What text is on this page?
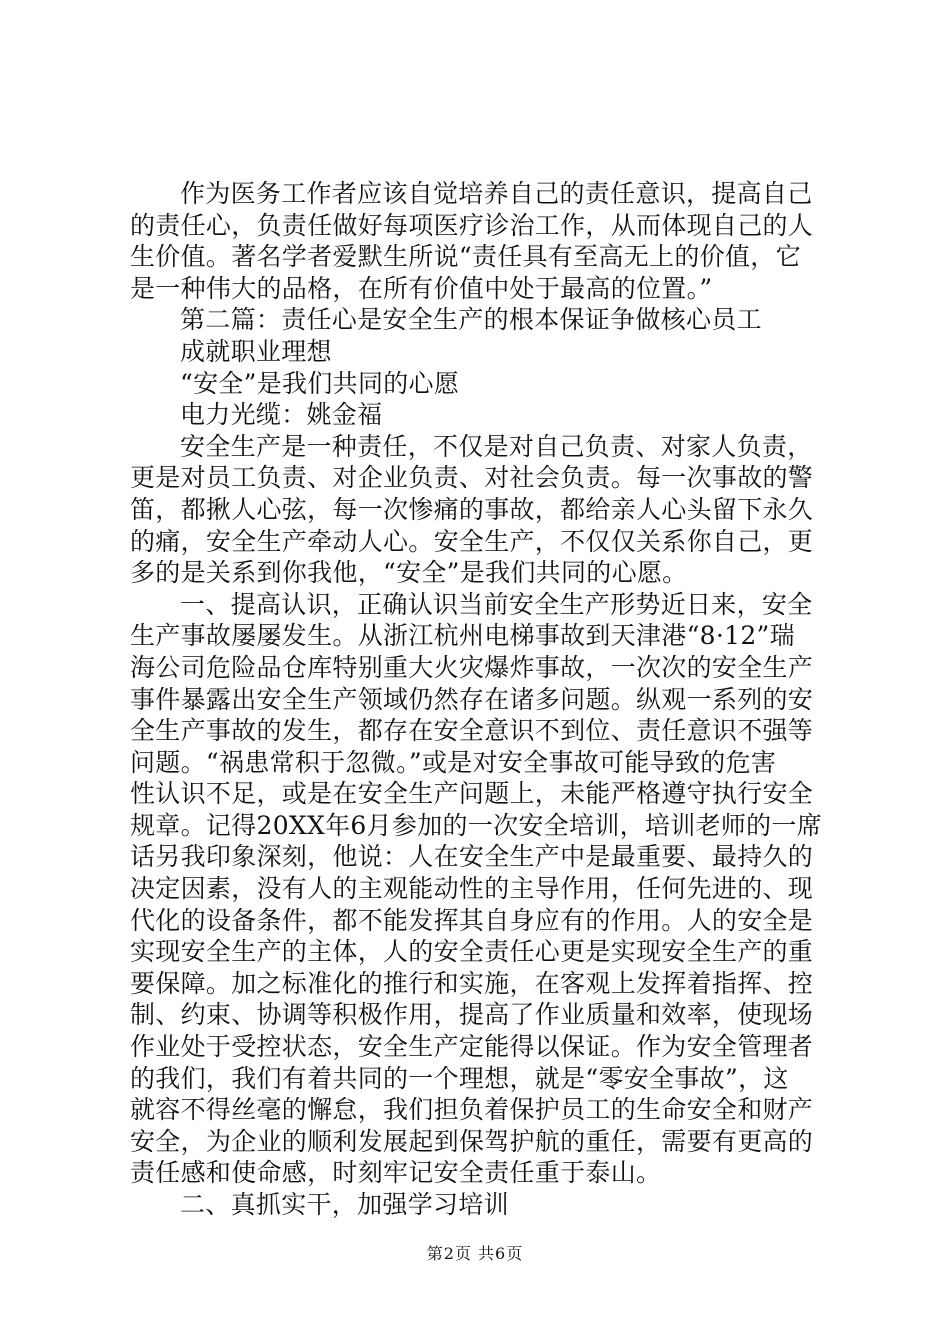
作为医务工作者应该自觉培养自己的责任意识，提高自己
的责任心，负责任做好每项医疗诊治工作，从而体现自己的人
生价值。著名学者爱默生所说“责任具有至高无上的价值，它
是一种伟大的品格，在所有价值中处于最高的位置。”
第二篇：责任心是安全生产的根本保证争做核心员工
成就职业理想
“安全”是我们共同的心愿
电力光缆：姚金福
安全生产是一种责任，不仅是对自己负责、对家人负责，
更是对员工负责、对企业负责、对社会负责。每一次事故的警
笛，都揪人心弦，每一次惨痛的事故，都给亲人心头留下永久
的痛，安全生产牵动人心。安全生产，不仅仅关系你自己，更
多的是关系到你我他，“安全”是我们共同的心愿。
一、提高认识，正确认识当前安全生产形势近日来，安全
生产事故屡屡发生。从浙江杭州电梯事故到天津港“8·12”瑞
海公司危险品仓库特别重大火灾爆炸事故，一次次的安全生产
事件暴露出安全生产领域仍然存在诸多问题。纵观一系列的安
全生产事故的发生，都存在安全意识不到位、责任意识不强等
问题。“祸患常积于忽微。”或是对安全事故可能导致的危害
性认识不足，或是在安全生产问题上，未能严格遵守执行安全
规章。记得20XX年6月参加的一次安全培训，培训老师的一席
话另我印象深刻，他说：人在安全生产中是最重要、最持久的
决定因素，没有人的主观能动性的主导作用，任何先进的、现
代化的设备条件，都不能发挥其自身应有的作用。人的安全是
实现安全生产的主体，人的安全责任心更是实现安全生产的重
要保障。加之标准化的推行和实施，在客观上发挥着指挥、控
制、约束、协调等积极作用，提高了作业质量和效率，使现场
作业处于受控状态，安全生产定能得以保证。作为安全管理者
的我们，我们有着共同的一个理想，就是“零安全事故”，这
就容不得丝毫的懈怠，我们担负着保护员工的生命安全和财产
安全，为企业的顺利发展起到保驾护航的重任，需要有更高的
责任感和使命感，时刻牢记安全责任重于泰山。
二、真抓实干，加强学习培训
第2页 共6页
